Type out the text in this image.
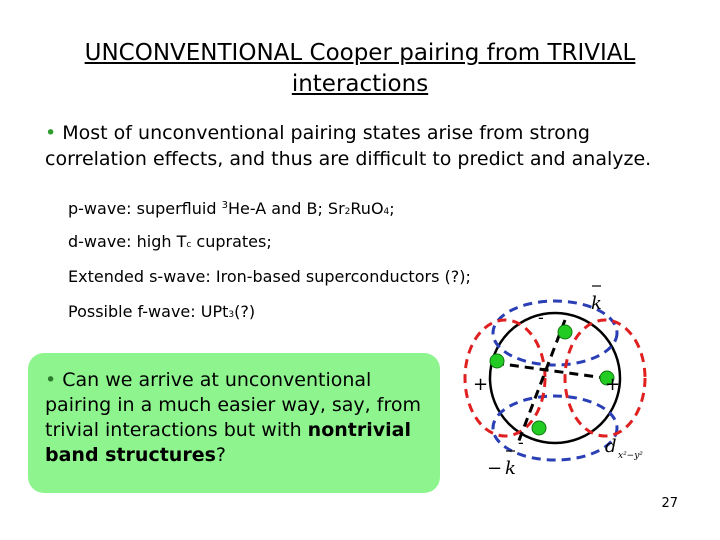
UNCONVENTIONAL Cooper pairing from TRIVIAL
interactions
• Most of unconventional pairing states arise from strong correlation effects, and thus are difficult to predict and analyze.
p-wave: superfluid $^3$He-A and B; Sr2RuO4;
d-wave: high Tc cuprates;
Extended s-wave: Iron-based superconductors (?);
Possible f-wave: UPt3(?)
• Can we arrive at unconventional pairing in a much easier way, say, from trivial interactions but with nontrivial band structures?
-
-
+	+
k
− k
d x²−y²
27
